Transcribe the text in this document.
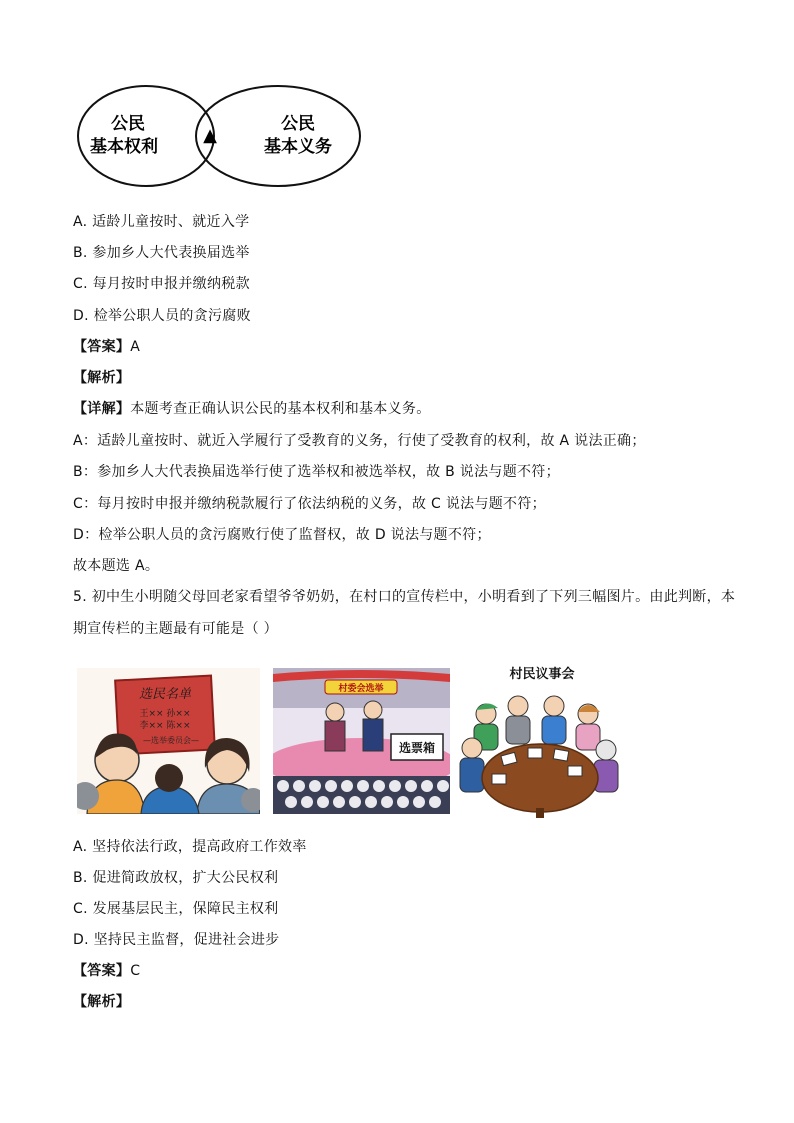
公民
基本权利
▲
公民
基本义务
A. 适龄儿童按时、就近入学
B. 参加乡人大代表换届选举
C. 每月按时申报并缴纳税款
D. 检举公职人员的贪污腐败
【答案】A
【解析】
【详解】本题考查正确认识公民的基本权利和基本义务。
A：适龄儿童按时、就近入学履行了受教育的义务，行使了受教育的权利，故 A 说法正确；
B：参加乡人大代表换届选举行使了选举权和被选举权，故 B 说法与题不符；
C：每月按时申报并缴纳税款履行了依法纳税的义务，故 C 说法与题不符；
D：检举公职人员的贪污腐败行使了监督权，故 D 说法与题不符；
故本题选 A。
5. 初中生小明随父母回老家看望爷爷奶奶，在村口的宣传栏中，小明看到了下列三幅图片。由此判断，本
期宣传栏的主题最有可能是（ ）
选民名单
王×× 孙××
李×× 陈××
—选举委员会—
村委会选举
选票箱
村民议事会
A. 坚持依法行政，提高政府工作效率
B. 促进简政放权，扩大公民权利
C. 发展基层民主，保障民主权利
D. 坚持民主监督，促进社会进步
【答案】C
【解析】
